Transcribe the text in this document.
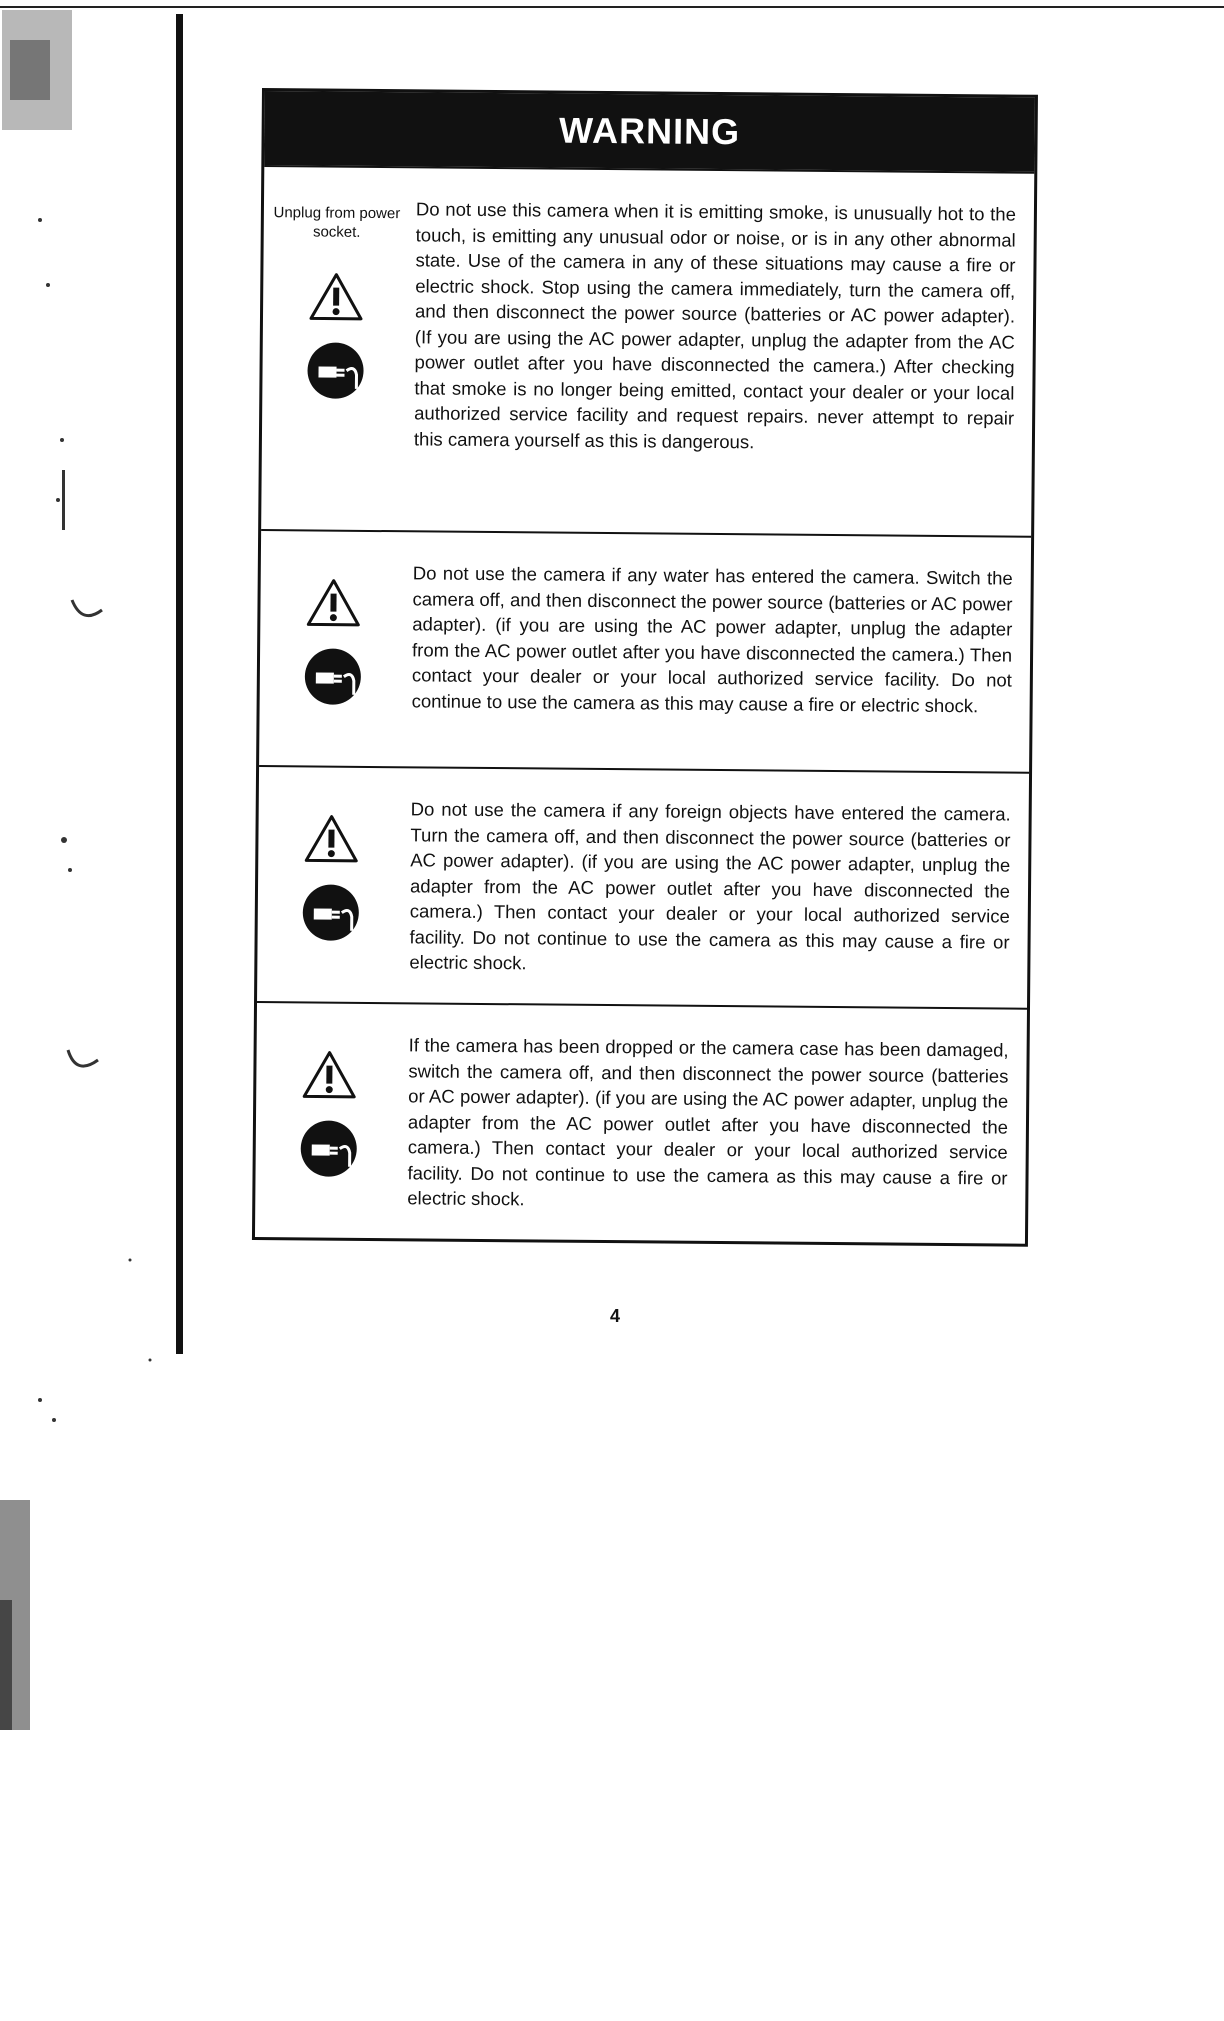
WARNING
Unplug from power socket.
Do not use this camera when it is emitting smoke, is unusually hot to the touch, is emitting any unusual odor or noise, or is in any other abnormal state. Use of the camera in any of these situations may cause a fire or electric shock. Stop using the camera immediately, turn the camera off, and then disconnect the power source (batteries or AC power adapter). (If you are using the AC power adapter, unplug the adapter from the AC power outlet after you have disconnected the camera.) After checking that smoke is no longer being emitted, contact your dealer or your local authorized service facility and request repairs. never attempt to repair this camera yourself as this is dangerous.
Do not use the camera if any water has entered the camera. Switch the camera off, and then disconnect the power source (batteries or AC power adapter). (if you are using the AC power adapter, unplug the adapter from the AC power outlet after you have disconnected the camera.) Then contact your dealer or your local authorized service facility. Do not continue to use the camera as this may cause a fire or electric shock.
Do not use the camera if any foreign objects have entered the camera. Turn the camera off, and then disconnect the power source (batteries or AC power adapter). (if you are using the AC power adapter, unplug the adapter from the AC power outlet after you have disconnected the camera.) Then contact your dealer or your local authorized service facility. Do not continue to use the camera as this may cause a fire or electric shock.
If the camera has been dropped or the camera case has been damaged, switch the camera off, and then disconnect the power source (batteries or AC power adapter). (if you are using the AC power adapter, unplug the adapter from the AC power outlet after you have disconnected the camera.) Then contact your dealer or your local authorized service facility. Do not continue to use the camera as this may cause a fire or electric shock.
4
